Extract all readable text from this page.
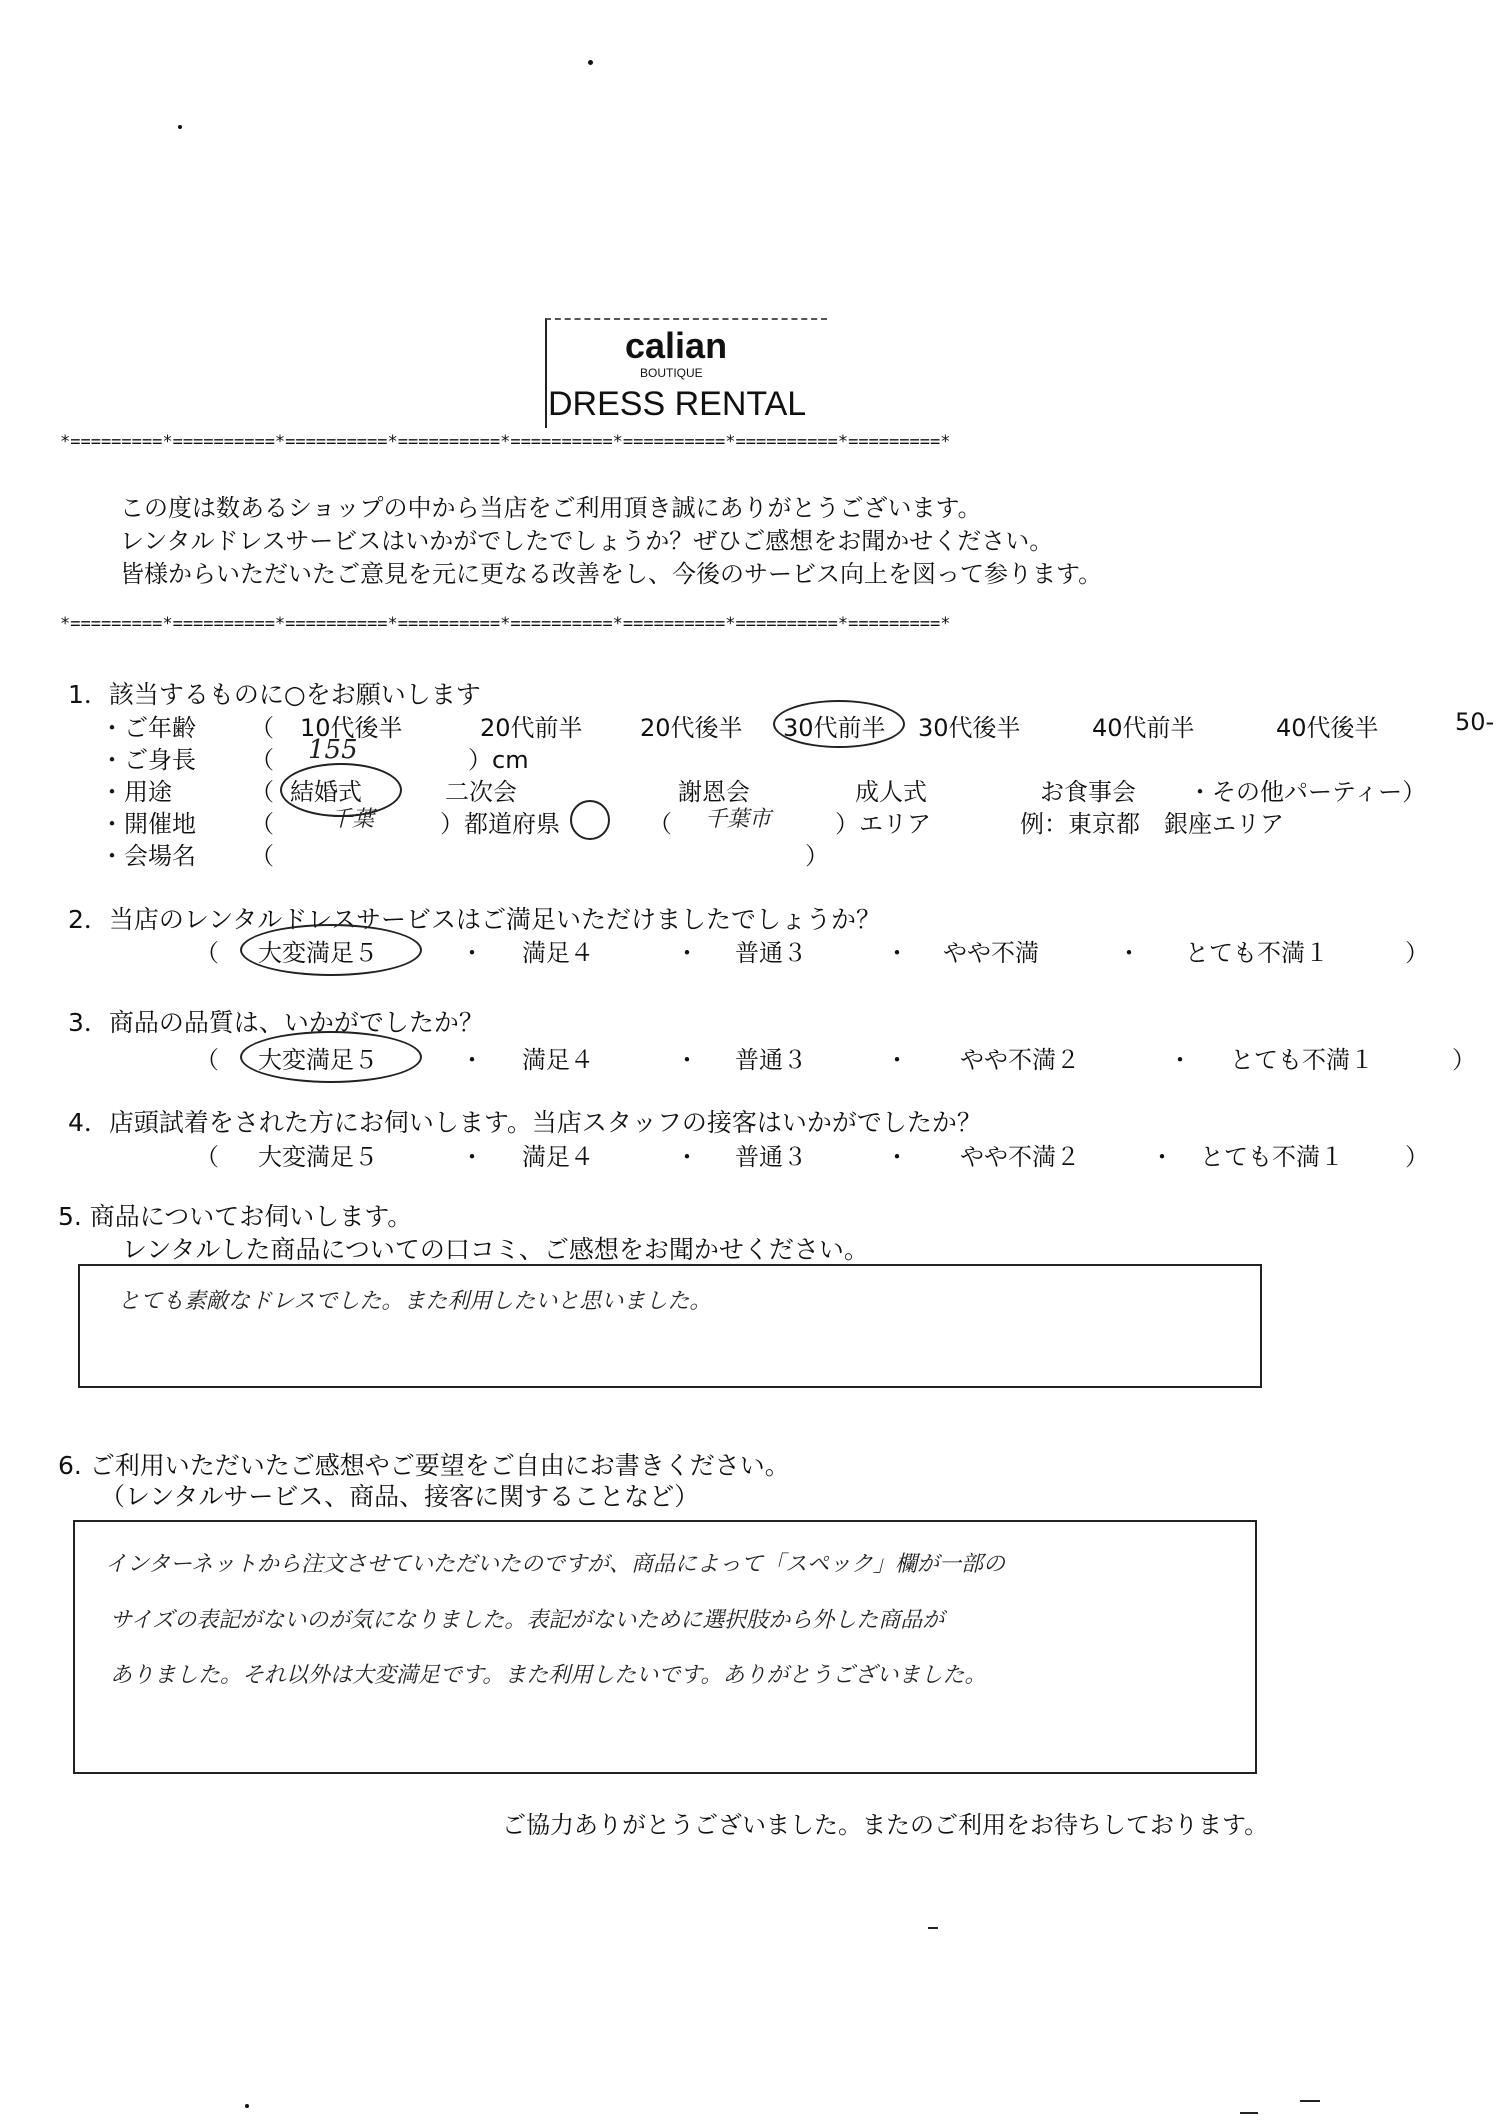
calian
BOUTIQUE
DRESS RENTAL
*=========*==========*==========*==========*==========*==========*==========*=========*
*=========*==========*==========*==========*==========*==========*==========*=========*
この度は数あるショップの中から当店をご利用頂き誠にありがとうございます。
レンタルドレスサービスはいかがでしたでしょうか？ぜひご感想をお聞かせください。
皆様からいただいたご意見を元に更なる改善をし、今後のサービス向上を図って参ります。
1．該当するものに○をお願いします
・ご年齢 （ 10代後半	20代前半 20代後半 30代前半 30代後半	40代前半	40代後半	50-
・ご身長 （ 155	）cm
・用途	（ 結婚式	二次会	謝恩会	成人式	お食事会 ・その他パーティー）
・開催地 （	千葉	）都道府県	（ 千葉市	）エリア	例：東京都　銀座エリア
・会場名 （	）
2．当店のレンタルドレスサービスはご満足いただけましたでしょうか？
（ 大変満足５	・ 満足４	・ 普通３	・ やや不満	・ とても不満１	）
3．商品の品質は、いかがでしたか？
（ 大変満足５	・ 満足４	・ 普通３	・ やや不満２	・ とても不満１	）
4．店頭試着をされた方にお伺いします。当店スタッフの接客はいかがでしたか？
（ 大変満足５	・ 満足４	・ 普通３	・ やや不満２	・ とても不満１	）
5. 商品についてお伺いします。
レンタルした商品についての口コミ、ご感想をお聞かせください。
とても素敵なドレスでした。また利用したいと思いました。
6. ご利用いただいたご感想やご要望をご自由にお書きください。
（レンタルサービス、商品、接客に関することなど）
インターネットから注文させていただいたのですが、商品によって「スペック」欄が一部の
サイズの表記がないのが気になりました。表記がないために選択肢から外した商品が
ありました。それ以外は大変満足です。また利用したいです。ありがとうございました。
ご協力ありがとうございました。またのご利用をお待ちしております。
